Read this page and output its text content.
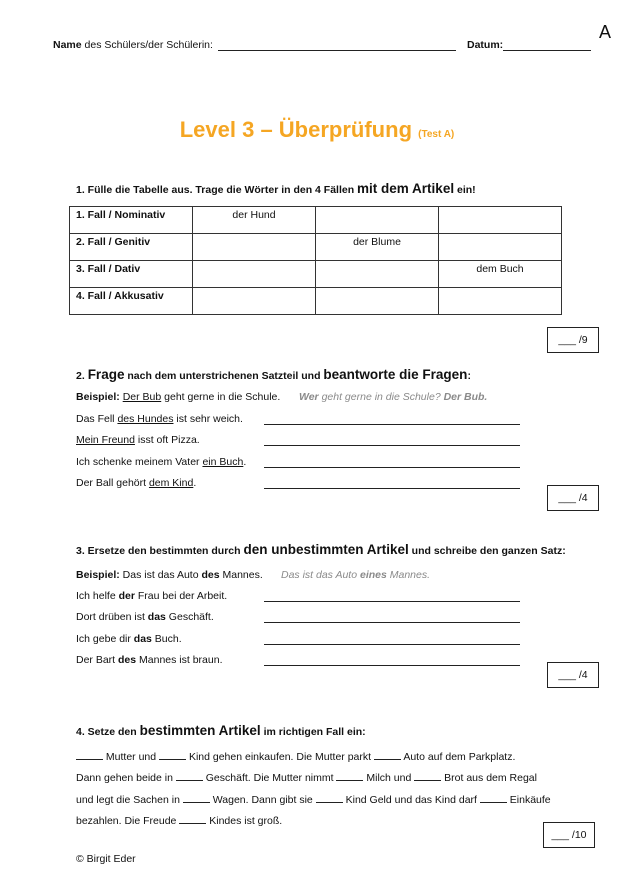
A
Name des Schülers/der Schülerin:	Datum:
Level 3 – Überprüfung (Test A)
1. Fülle die Tabelle aus. Trage die Wörter in den 4 Fällen mit dem Artikel ein!
1. Fall / Nominativ	der Hund		
2. Fall / Genitiv		der Blume	
3. Fall / Dativ			dem Buch
4. Fall / Akkusativ			
___ /9
2. Frage nach dem unterstrichenen Satzteil und beantworte die Fragen:
Beispiel: Der Bub geht gerne in die Schule. Wer geht gerne in die Schule? Der Bub.
Das Fell des Hundes ist sehr weich.
Mein Freund isst oft Pizza.
Ich schenke meinem Vater ein Buch.
Der Ball gehört dem Kind.
___ /4
3. Ersetze den bestimmten durch den unbestimmten Artikel und schreibe den ganzen Satz:
Beispiel: Das ist das Auto des Mannes. Das ist das Auto eines Mannes.
Ich helfe der Frau bei der Arbeit.
Dort drüben ist das Geschäft.
Ich gebe dir das Buch.
Der Bart des Mannes ist braun.
___ /4
4. Setze den bestimmten Artikel im richtigen Fall ein:
Mutter und	Kind gehen einkaufen. Die Mutter parkt	Auto auf dem Parkplatz.
Dann gehen beide in	Geschäft. Die Mutter nimmt	Milch und	Brot aus dem Regal
und legt die Sachen in	Wagen. Dann gibt sie	Kind Geld und das Kind darf	Einkäufe
bezahlen. Die Freude	Kindes ist groß.
___ /10
© Birgit Eder
